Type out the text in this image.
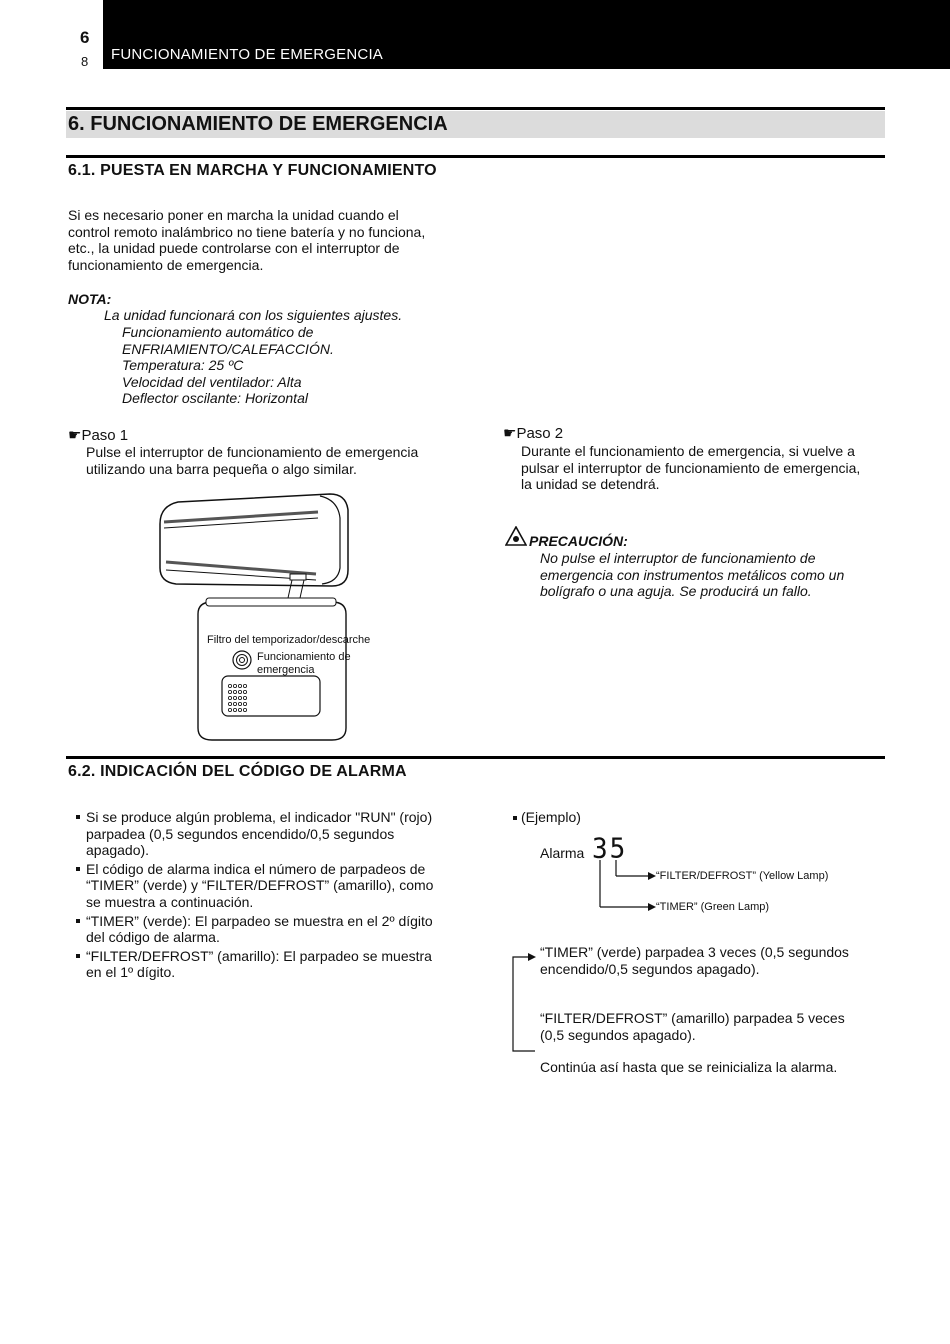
6
8 FUNCIONAMIENTO DE EMERGENCIA
6. FUNCIONAMIENTO DE EMERGENCIA
6.1. PUESTA EN MARCHA Y FUNCIONAMIENTO
Si es necesario poner en marcha la unidad cuando el
control remoto inalámbrico no tiene batería y no funciona,
etc., la unidad puede controlarse con el interruptor de
funcionamiento de emergencia.
NOTA:
La unidad funcionará con los siguientes ajustes.
Funcionamiento automático de
ENFRIAMIENTO/CALEFACCIÓN.
Temperatura: 25 ºC
Velocidad del ventilador: Alta
Deflector oscilante: Horizontal
☛Paso 1
Pulse el interruptor de funcionamiento de emergencia
utilizando una barra pequeña o algo similar.
☛Paso 2
Durante el funcionamiento de emergencia, si vuelve a
pulsar el interruptor de funcionamiento de emergencia,
la unidad se detendrá.
PRECAUCIÓN:
No pulse el interruptor de funcionamiento de
emergencia con instrumentos metálicos como un
bolígrafo o una aguja. Se producirá un fallo.
Filtro del temporizador/descarche
Funcionamiento de
emergencia
6.2. INDICACIÓN DEL CÓDIGO DE ALARMA
Si se produce algún problema, el indicador "RUN" (rojo) parpadea (0,5 segundos encendido/0,5 segundos apagado).
El código de alarma indica el número de parpadeos de “TIMER” (verde) y “FILTER/DEFROST” (amarillo), como se muestra a continuación.
“TIMER” (verde): El parpadeo se muestra en el 2º dígito del código de alarma.
“FILTER/DEFROST” (amarillo): El parpadeo se muestra en el 1º dígito.
(Ejemplo)
Alarma 35
“FILTER/DEFROST” (Yellow Lamp)
“TIMER” (Green Lamp)
“TIMER” (verde) parpadea 3 veces (0,5 segundos
encendido/0,5 segundos apagado).
“FILTER/DEFROST” (amarillo) parpadea 5 veces
(0,5 segundos apagado).
Continúa así hasta que se reinicializa la alarma.
